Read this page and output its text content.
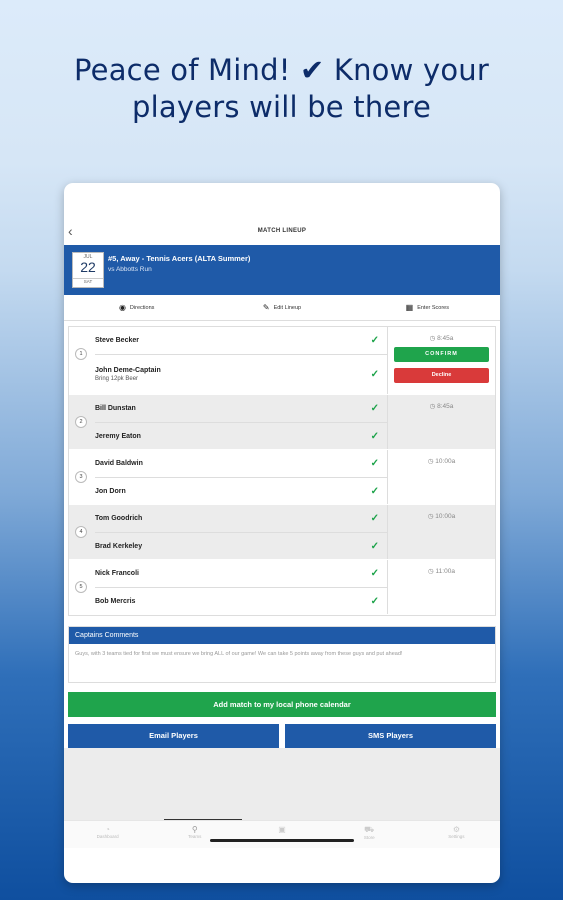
Peace of Mind! ✔ Know your
players will be there
‹	MATCH LINEUP
JUL
22
SAT
#5, Away - Tennis Acers (ALTA Summer)
vs Abbotts Run
◉ Directions	✎ Edit Lineup	▦ Enter Scores
1
Steve Becker	✓
John Deme-Captain
Bring 12pk Beer	✓
◷ 8:45a
CONFIRM
Decline
2
Bill Dunstan	✓
Jeremy Eaton	✓
◷ 8:45a
3
David Baldwin	✓
Jon Dorn	✓
◷ 10:00a
4
Tom Goodrich	✓
Brad Kerkeley	✓
◷ 10:00a
5
Nick Francoli	✓
Bob Mercris	✓
◷ 11:00a
Captains Comments
Guys, with 3 teams tied for first we must ensure we bring ALL of our game! We can take 5 points away from these guys and put ahead!
Add match to my local phone calendar
Email Players	SMS Players
◔
Dashboard
⚲
Teams
▣	⛟
Store
⚙
Settings
